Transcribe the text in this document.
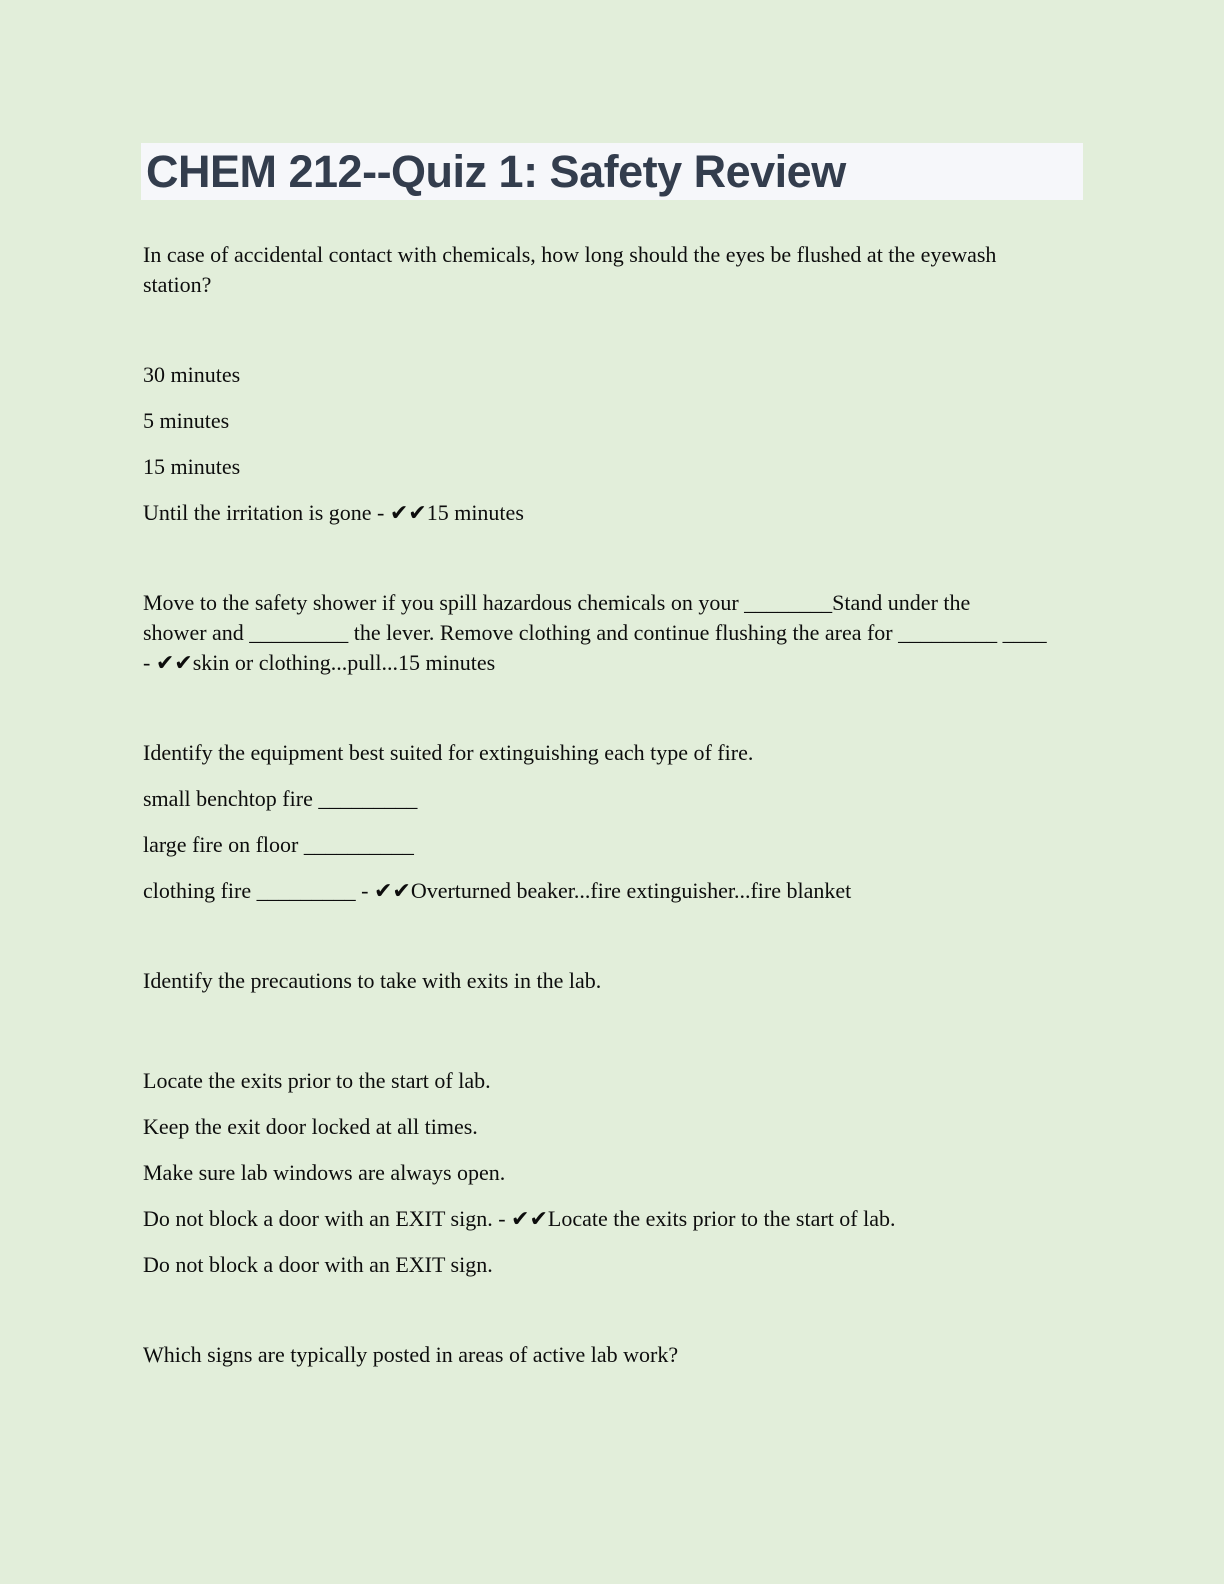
CHEM 212--Quiz 1: Safety Review
In case of accidental contact with chemicals, how long should the eyes be flushed at the eyewash
station?
30 minutes
5 minutes
15 minutes
Until the irritation is gone - ✔✔15 minutes
Move to the safety shower if you spill hazardous chemicals on your ________Stand under the
shower and _________ the lever. Remove clothing and continue flushing the area for _________ ____
- ✔✔skin or clothing...pull...15 minutes
Identify the equipment best suited for extinguishing each type of fire.
small benchtop fire _________
large fire on floor __________
clothing fire _________ - ✔✔Overturned beaker...fire extinguisher...fire blanket
Identify the precautions to take with exits in the lab.
Locate the exits prior to the start of lab.
Keep the exit door locked at all times.
Make sure lab windows are always open.
Do not block a door with an EXIT sign. - ✔✔Locate the exits prior to the start of lab.
Do not block a door with an EXIT sign.
Which signs are typically posted in areas of active lab work?
